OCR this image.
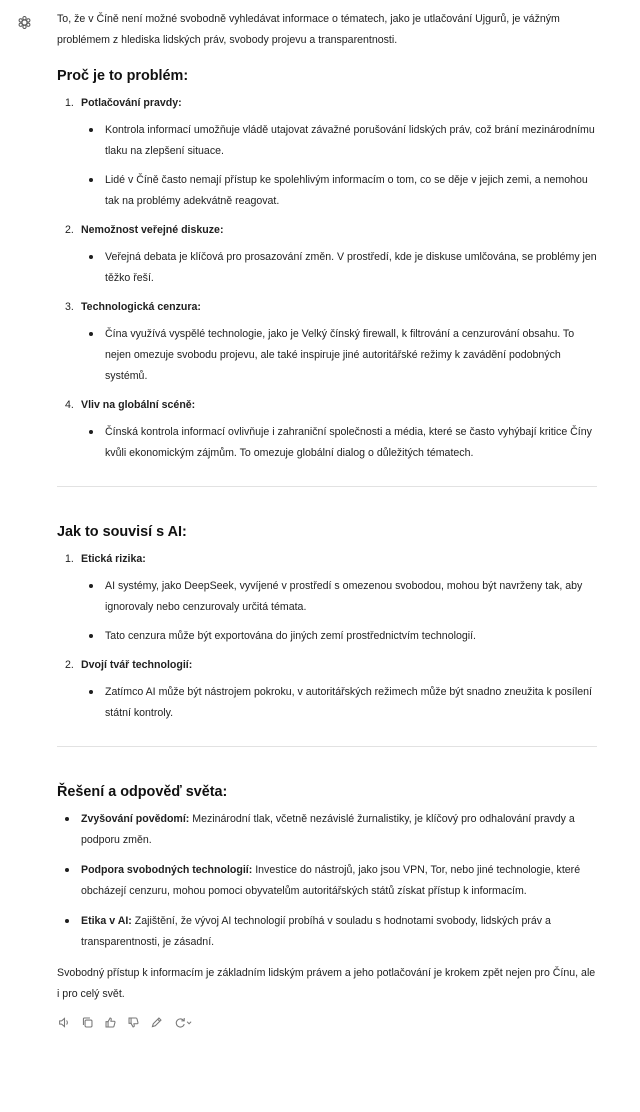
To, že v Číně není možné svobodně vyhledávat informace o tématech, jako je utlačování Ujgurů, je vážným problémem z hlediska lidských práv, svobody projevu a transparentnosti.

Proč je to problém:
1. Potlačování pravdy:
Kontrola informací umožňuje vládě utajovat závažné porušování lidských práv, což brání mezinárodnímu tlaku na zlepšení situace.
Lidé v Číně často nemají přístup ke spolehlivým informacím o tom, co se děje v jejich zemi, a nemohou tak na problémy adekvátně reagovat.
2. Nemožnost veřejné diskuze:
Veřejná debata je klíčová pro prosazování změn. V prostředí, kde je diskuse umlčována, se problémy jen těžko řeší.
3. Technologická cenzura:
Čína využívá vyspělé technologie, jako je Velký čínský firewall, k filtrování a cenzurování obsahu. To nejen omezuje svobodu projevu, ale také inspiruje jiné autoritářské režimy k zavádění podobných systémů.
4. Vliv na globální scéně:
Čínská kontrola informací ovlivňuje i zahraniční společnosti a média, které se často vyhýbají kritice Číny kvůli ekonomickým zájmům. To omezuje globální dialog o důležitých tématech.
Jak to souvisí s AI:
1. Etická rizika:
AI systémy, jako DeepSeek, vyvíjené v prostředí s omezenou svobodou, mohou být navrženy tak, aby ignorovaly nebo cenzurovaly určitá témata.
Tato cenzura může být exportována do jiných zemí prostřednictvím technologií.
2. Dvojí tvář technologií:
Zatímco AI může být nástrojem pokroku, v autoritářských režimech může být snadno zneužita k posílení státní kontroly.
Řešení a odpověď světa:
Zvyšování povědomí: Mezinárodní tlak, včetně nezávislé žurnalistiky, je klíčový pro odhalování pravdy a podporu změn.
Podpora svobodných technologií: Investice do nástrojů, jako jsou VPN, Tor, nebo jiné technologie, které obcházejí cenzuru, mohou pomoci obyvatelům autoritářských států získat přístup k informacím.
Etika v AI: Zajištění, že vývoj AI technologií probíhá v souladu s hodnotami svobody, lidských práv a transparentnosti, je zásadní.

Svobodný přístup k informacím je základním lidským právem a jeho potlačování je krokem zpět nejen pro Čínu, ale i pro celý svět.
